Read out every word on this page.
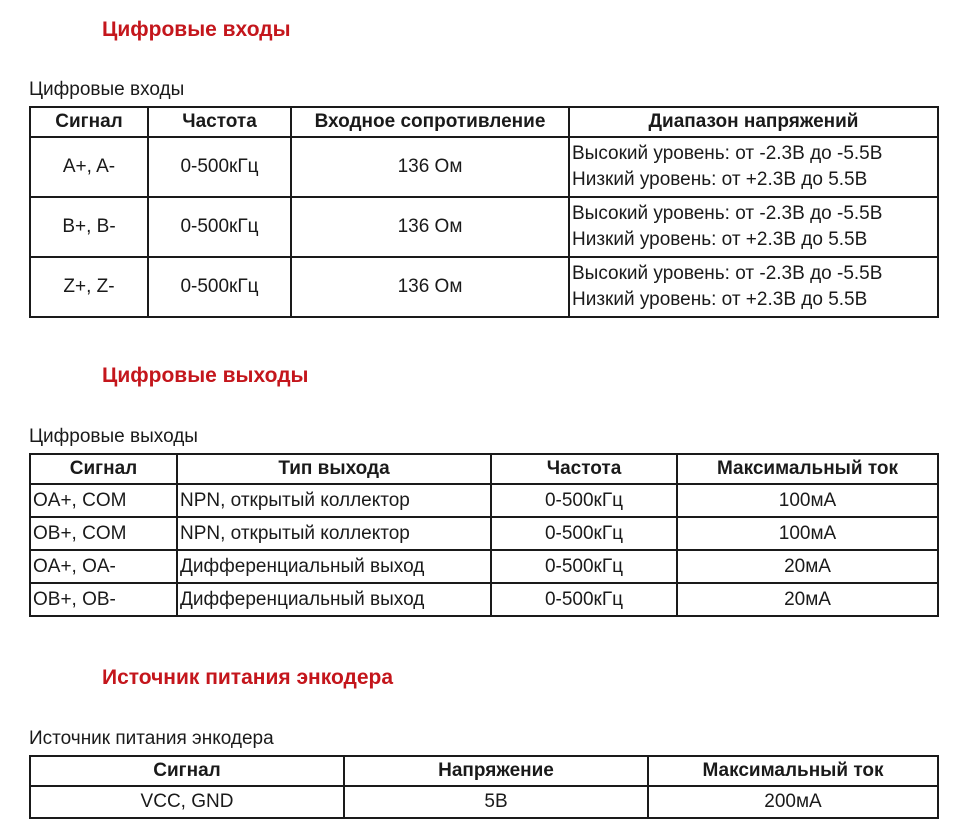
Цифровые входы
Цифровые входы
Сигнал	Частота	Входное сопротивление	Диапазон напряжений
A+, A-	0-500кГц	136 Ом	Высокий уровень: от -2.3В до -5.5В
Низкий уровень: от +2.3В до 5.5В

B+, B-	0-500кГц	136 Ом	Высокий уровень: от -2.3В до -5.5В
Низкий уровень: от +2.3В до 5.5В

Z+, Z-	0-500кГц	136 Ом	Высокий уровень: от -2.3В до -5.5В
Низкий уровень: от +2.3В до 5.5В
Цифровые выходы
Цифровые выходы
Сигнал	Тип выхода	Частота	Максимальный ток
OA+, COM	NPN, открытый коллектор	0-500кГц	100мА
OB+, COM	NPN, открытый коллектор	0-500кГц	100мА
OA+, OA-	Дифференциальный выход	0-500кГц	20мА
OB+, OB-	Дифференциальный выход	0-500кГц	20мА
Источник питания энкодера
Источник питания энкодера
Сигнал	Напряжение	Максимальный ток
VCC, GND	5В	200мА
